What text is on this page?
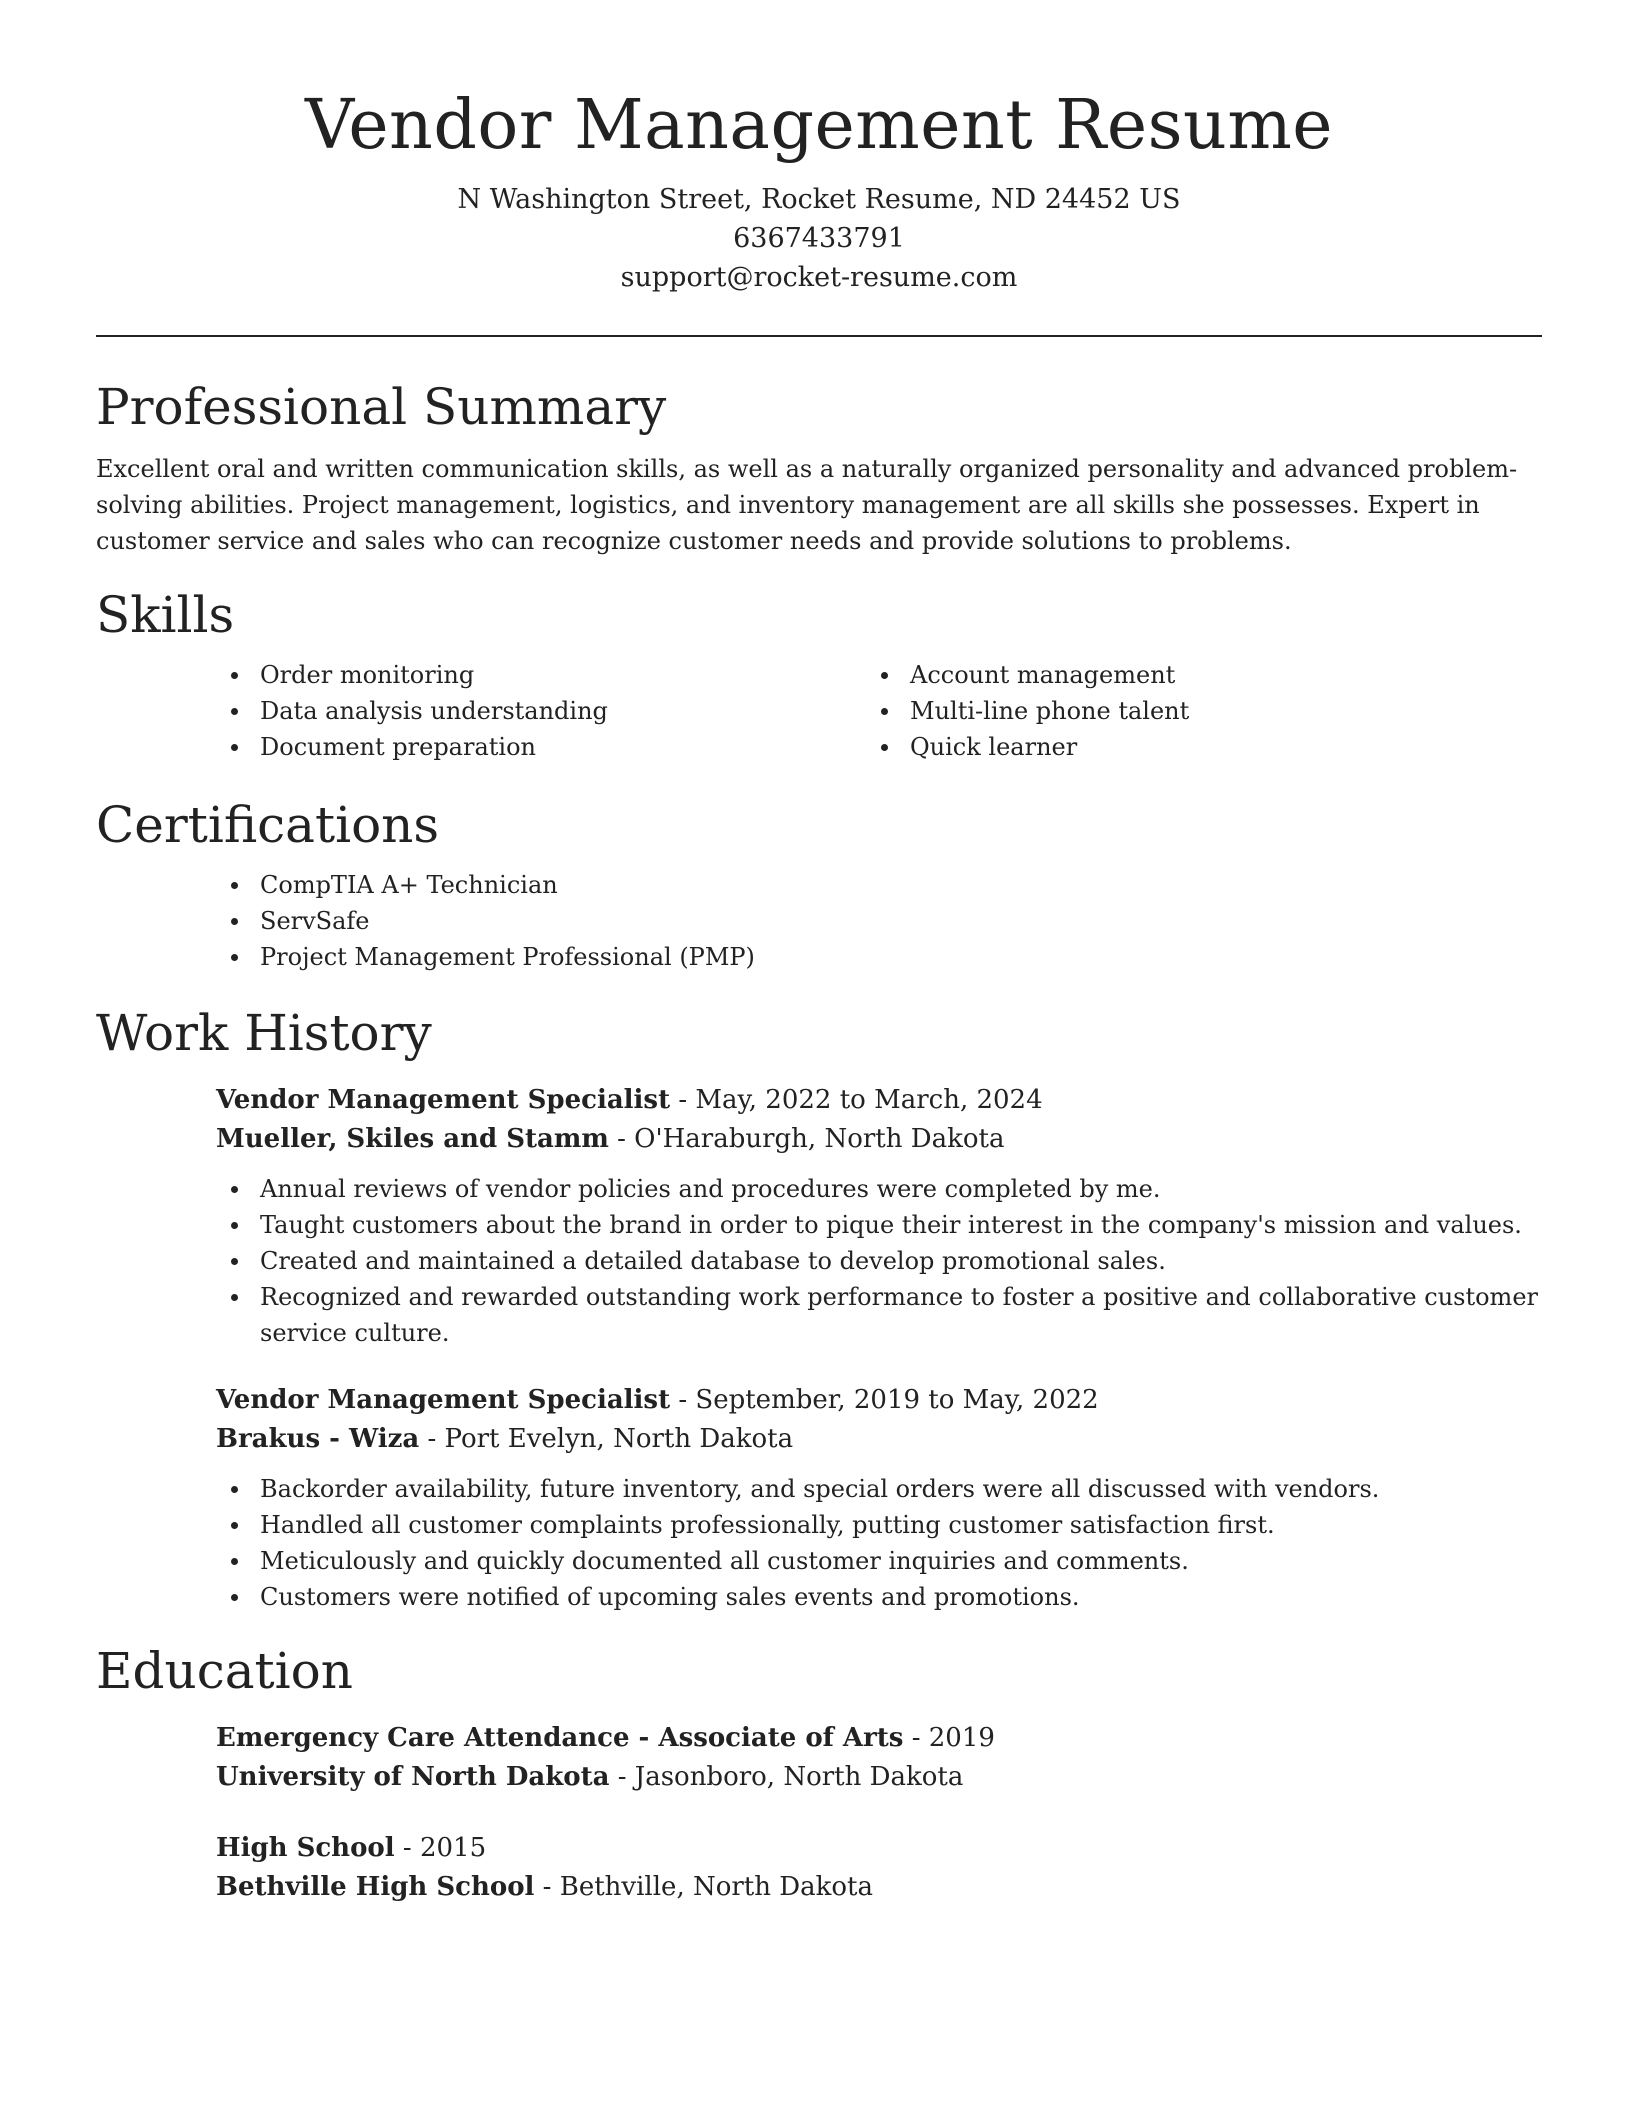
Vendor Management Resume
N Washington Street, Rocket Resume, ND 24452 US
6367433791
support@rocket-resume.com
Professional Summary

Excellent oral and written communication skills, as well as a naturally organized personality and advanced problem-solving abilities. Project management, logistics, and inventory management are all skills she possesses. Expert in customer service and sales who can recognize customer needs and provide solutions to problems.

Skills
Order monitoring
Data analysis understanding
Document preparation
Account management
Multi-line phone talent
Quick learner
Certifications
CompTIA A+ Technician
ServSafe
Project Management Professional (PMP)
Work History
Vendor Management Specialist - May, 2022 to March, 2024
Mueller, Skiles and Stamm - O'Haraburgh, North Dakota
Annual reviews of vendor policies and procedures were completed by me.
Taught customers about the brand in order to pique their interest in the company's mission and values.
Created and maintained a detailed database to develop promotional sales.
Recognized and rewarded outstanding work performance to foster a positive and collaborative customer service culture.
Vendor Management Specialist - September, 2019 to May, 2022
Brakus - Wiza - Port Evelyn, North Dakota
Backorder availability, future inventory, and special orders were all discussed with vendors.
Handled all customer complaints professionally, putting customer satisfaction first.
Meticulously and quickly documented all customer inquiries and comments.
Customers were notified of upcoming sales events and promotions.
Education
Emergency Care Attendance - Associate of Arts - 2019
University of North Dakota - Jasonboro, North Dakota
High School - 2015
Bethville High School - Bethville, North Dakota
